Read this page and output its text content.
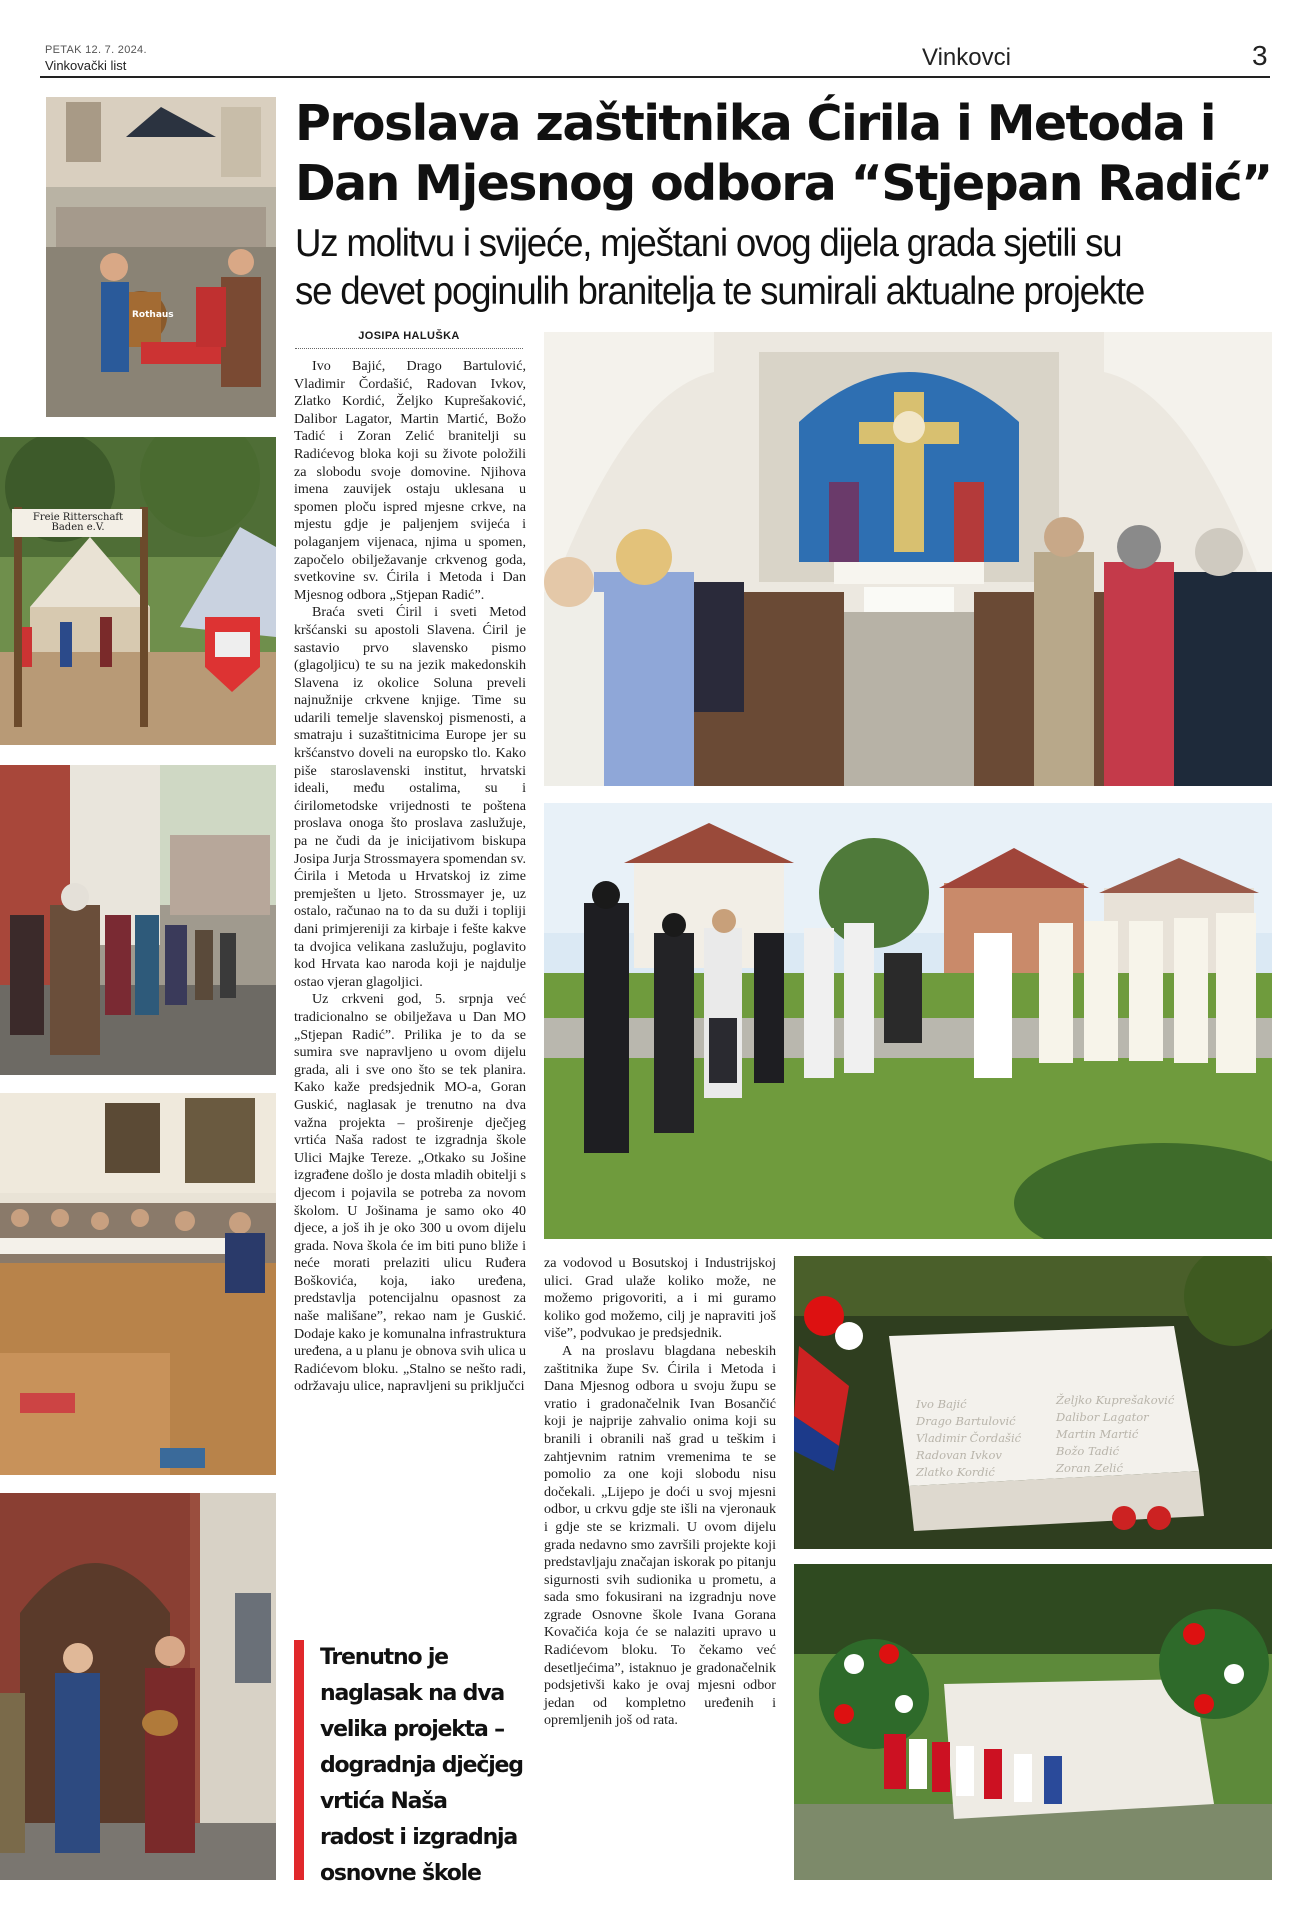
PETAK 12. 7. 2024.
Vinkovački list	Vinkovci	3
Rothaus
Freie Ritterschaft Baden e.V.
Proslava zaštitnika Ćirila i Metoda i Dan Mjesnog odbora “Stjepan Radić”
Uz molitvu i svijeće, mještani ovog dijela grada sjetili su
se devet poginulih branitelja te sumirali aktualne projekte
JOSIPA HALUŠKA

Ivo Bajić, Drago Bartulović, Vladimir Čordašić, Radovan Ivkov, Zlatko Kordić, Željko Kuprešaković, Dalibor Lagator, Martin Martić, Božo Tadić i Zoran Zelić branitelji su Radićevog bloka koji su živote položili za slobodu svoje domovine. Njihova imena zauvijek ostaju uklesana u spomen ploču ispred mjesne crkve, na mjestu gdje je paljenjem svijeća i polaganjem vijenaca, njima u spomen, započelo obilježavanje crkvenog goda, svetkovine sv. Ćirila i Metoda i Dan Mjesnog odbora „Stjepan Radić”.

Braća sveti Ćiril i sveti Metod kršćanski su apostoli Slavena. Ćiril je sastavio prvo slavensko pismo (glagoljicu) te su na jezik makedonskih Slavena iz okolice Soluna preveli najnužnije crkvene knjige. Time su udarili temelje slavenskoj pismenosti, a smatraju i suzaštitnicima Europe jer su kršćanstvo doveli na europsko tlo. Kako piše staroslavenski institut, hrvatski ideali, među ostalima, su i ćirilometodske vrijednosti te poštena proslava onoga što proslava zaslužuje, pa ne čudi da je inicijativom biskupa Josipa Jurja Strossmayera spomendan sv. Ćirila i Metoda u Hrvatskoj iz zime premješten u ljeto. Strossmayer je, uz ostalo, računao na to da su duži i topliji dani primjereniji za kirbaje i fešte kakve ta dvojica velikana zaslužuju, poglavito kod Hrvata kao naroda koji je najdulje ostao vjeran glagoljici.

Uz crkveni god, 5. srpnja već tradicionalno se obilježava u Dan MO „Stjepan Radić”. Prilika je to da se sumira sve napravljeno u ovom dijelu grada, ali i sve ono što se tek planira. Kako kaže predsjednik MO-a, Goran Guskić, naglasak je trenutno na dva važna projekta – proširenje dječjeg vrtića Naša radost te izgradnja škole Ulici Majke Tereze. „Otkako su Jošine izgrađene došlo je dosta mladih obitelji s djecom i pojavila se potreba za novom školom. U Jošinama je samo oko 40 djece, a još ih je oko 300 u ovom dijelu grada. Nova škola će im biti puno bliže i neće morati prelaziti ulicu Ruđera Boškovića, koja, iako uređena, predstavlja potencijalnu opasnost za naše mališane”, rekao nam je Guskić. Dodaje kako je komunalna infrastruktura uređena, a u planu je obnova svih ulica u Radićevom bloku. „Stalno se nešto radi, održavaju ulice, napravljeni su priključci

Trenutno je
naglasak na dva
velika projekta –
dogradnja dječjeg
vrtića Naša
radost i izgradnja
osnovne škole
Ivo Bajić
Drago Bartulović
Vladimir Čordašić
Radovan Ivkov
Zlatko Kordić
Željko Kuprešaković
Dalibor Lagator
Martin Martić
Božo Tadić
Zoran Zelić

za vodovod u Bosutskoj i Industrijskoj ulici. Grad ulaže koliko može, ne možemo prigovoriti, a i mi guramo koliko god možemo, cilj je napraviti još više”, podvukao je predsjednik.

A na proslavu blagdana nebeskih zaštitnika župe Sv. Ćirila i Metoda i Dana Mjesnog odbora u svoju župu se vratio i gradonačelnik Ivan Bosančić koji je najprije zahvalio onima koji su branili i obranili naš grad u teškim i zahtjevnim ratnim vremenima te se pomolio za one koji slobodu nisu dočekali. „Lijepo je doći u svoj mjesni odbor, u crkvu gdje ste išli na vjeronauk i gdje ste se krizmali. U ovom dijelu grada nedavno smo završili projekte koji predstavljaju značajan iskorak po pitanju sigurnosti svih sudionika u prometu, a sada smo fokusirani na izgradnju nove zgrade Osnovne škole Ivana Gorana Kovačića koja će se nalaziti upravo u Radićevom bloku. To čekamo već desetljećima”, istaknuo je gradonačelnik podsjetivši kako je ovaj mjesni odbor jedan od kompletno uređenih i opremljenih još od rata.
